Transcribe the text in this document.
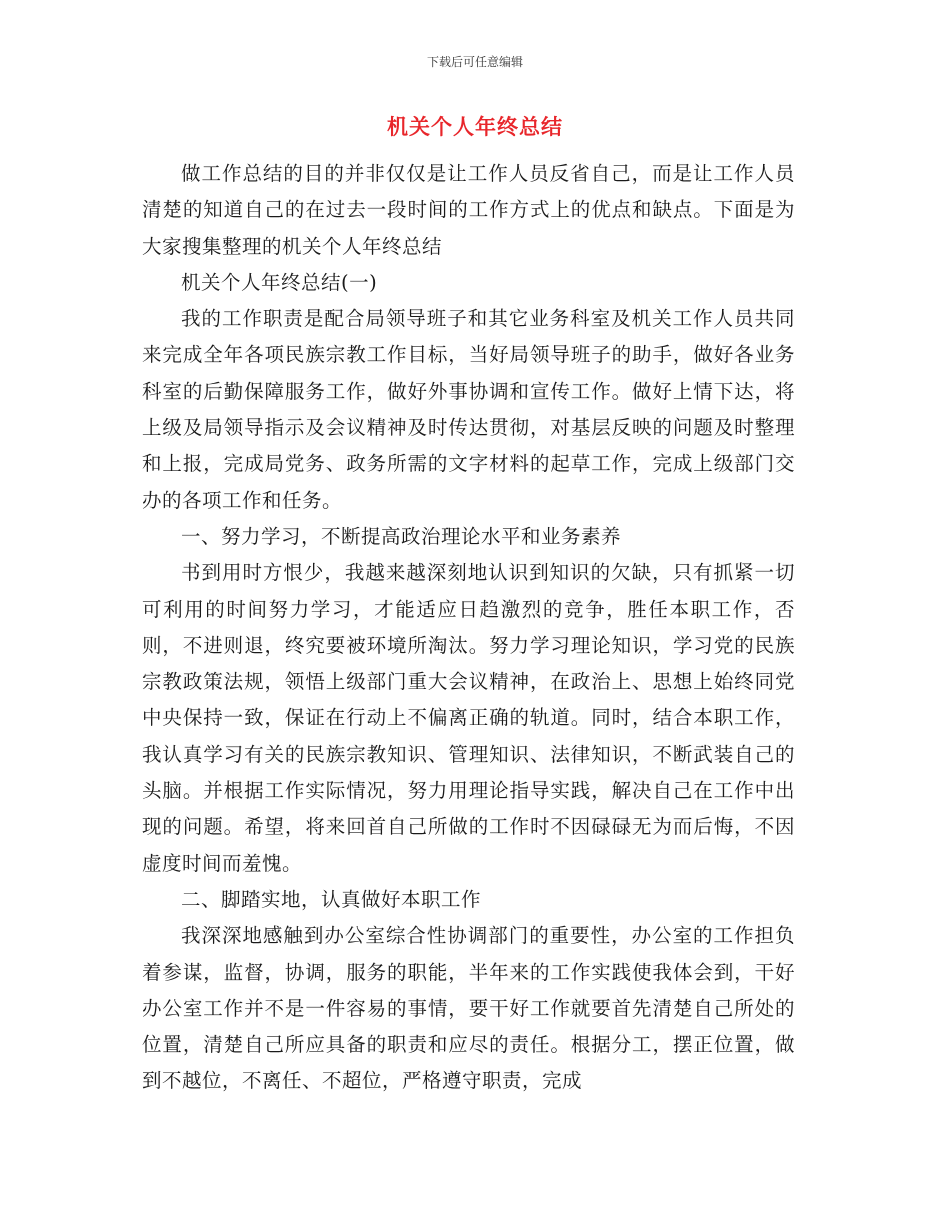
下载后可任意编辑
机关个人年终总结

做工作总结的目的并非仅仅是让工作人员反省自己，而是让工作人员清楚的知道自己的在过去一段时间的工作方式上的优点和缺点。下面是为大家搜集整理的机关个人年终总结

机关个人年终总结(一)

我的工作职责是配合局领导班子和其它业务科室及机关工作人员共同来完成全年各项民族宗教工作目标，当好局领导班子的助手，做好各业务科室的后勤保障服务工作，做好外事协调和宣传工作。做好上情下达，将上级及局领导指示及会议精神及时传达贯彻，对基层反映的问题及时整理和上报，完成局党务、政务所需的文字材料的起草工作，完成上级部门交办的各项工作和任务。

一、努力学习，不断提高政治理论水平和业务素养

书到用时方恨少，我越来越深刻地认识到知识的欠缺，只有抓紧一切可利用的时间努力学习，才能适应日趋激烈的竞争，胜任本职工作，否则，不进则退，终究要被环境所淘汰。努力学习理论知识，学习党的民族宗教政策法规，领悟上级部门重大会议精神，在政治上、思想上始终同党中央保持一致，保证在行动上不偏离正确的轨道。同时，结合本职工作，我认真学习有关的民族宗教知识、管理知识、法律知识，不断武装自己的头脑。并根据工作实际情况，努力用理论指导实践，解决自己在工作中出现的问题。希望，将来回首自己所做的工作时不因碌碌无为而后悔，不因虚度时间而羞愧。

二、脚踏实地，认真做好本职工作

我深深地感触到办公室综合性协调部门的重要性，办公室的工作担负着参谋，监督，协调，服务的职能，半年来的工作实践使我体会到，干好办公室工作并不是一件容易的事情，要干好工作就要首先清楚自己所处的位置，清楚自己所应具备的职责和应尽的责任。根据分工，摆正位置，做到不越位，不离任、不超位，严格遵守职责，完成
